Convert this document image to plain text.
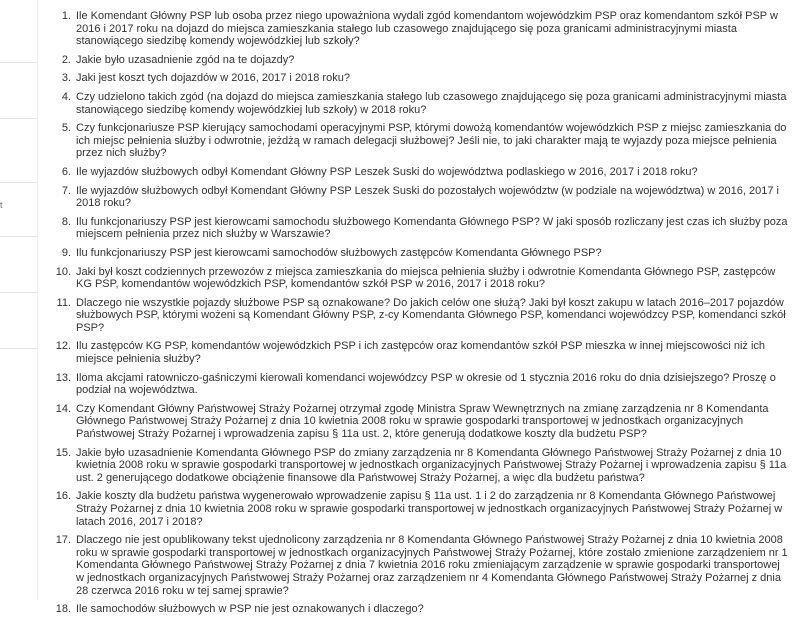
t
1. Ile Komendant Główny PSP lub osoba przez niego upoważniona wydali zgód komendantom wojewódzkim PSP oraz komendantom szkół PSP w 2016 i 2017 roku na dojazd do miejsca zamieszkania stałego lub czasowego znajdującego się poza granicami administracyjnymi miasta stanowiącego siedzibę komendy wojewódzkiej lub szkoły?
2. Jakie było uzasadnienie zgód na te dojazdy?
3. Jaki jest koszt tych dojazdów w 2016, 2017 i 2018 roku?
4. Czy udzielono takich zgód (na dojazd do miejsca zamieszkania stałego lub czasowego znajdującego się poza granicami administracyjnymi miasta stanowiącego siedzibę komendy wojewódzkiej lub szkoły) w 2018 roku?
5. Czy funkcjonariusze PSP kierujący samochodami operacyjnymi PSP, którymi dowożą komendantów wojewódzkich PSP z miejsc zamieszkania do ich miejsc pełnienia służby i odwrotnie, jeżdżą w ramach delegacji służbowej? Jeśli nie, to jaki charakter mają te wyjazdy poza miejsce pełnienia przez nich służby?
6. Ile wyjazdów służbowych odbył Komendant Główny PSP Leszek Suski do województwa podlaskiego w 2016, 2017 i 2018 roku?
7. Ile wyjazdów służbowych odbył Komendant Główny PSP Leszek Suski do pozostałych województw (w podziale na województwa) w 2016, 2017 i 2018 roku?
8. Ilu funkcjonariuszy PSP jest kierowcami samochodu służbowego Komendanta Głównego PSP? W jaki sposób rozliczany jest czas ich służby poza miejscem pełnienia przez nich służby w Warszawie?
9. Ilu funkcjonariuszy PSP jest kierowcami samochodów służbowych zastępców Komendanta Głównego PSP?
10. Jaki był koszt codziennych przewozów z miejsca zamieszkania do miejsca pełnienia służby i odwrotnie Komendanta Głównego PSP, zastępców KG PSP, komendantów wojewódzkich PSP, komendantów szkół PSP w 2016, 2017 i 2018 roku?
11. Dlaczego nie wszystkie pojazdy służbowe PSP są oznakowane? Do jakich celów one służą? Jaki był koszt zakupu w latach 2016–2017 pojazdów służbowych PSP, którymi wożeni są Komendant Główny PSP, z-cy Komendanta Głównego PSP, komendanci wojewódzcy PSP, komendanci szkół PSP?
12. Ilu zastępców KG PSP, komendantów wojewódzkich PSP i ich zastępców oraz komendantów szkół PSP mieszka w innej miejscowości niż ich miejsce pełnienia służby?
13. Iloma akcjami ratowniczo-gaśniczymi kierowali komendanci wojewódzcy PSP w okresie od 1 stycznia 2016 roku do dnia dzisiejszego? Proszę o podział na województwa.
14. Czy Komendant Główny Państwowej Straży Pożarnej otrzymał zgodę Ministra Spraw Wewnętrznych na zmianę zarządzenia nr 8 Komendanta Głównego Państwowej Straży Pożarnej z dnia 10 kwietnia 2008 roku w sprawie gospodarki transportowej w jednostkach organizacyjnych Państwowej Straży Pożarnej i wprowadzenia zapisu § 11a ust. 2, które generują dodatkowe koszty dla budżetu PSP?
15. Jakie było uzasadnienie Komendanta Głównego PSP do zmiany zarządzenia nr 8 Komendanta Głównego Państwowej Straży Pożarnej z dnia 10 kwietnia 2008 roku w sprawie gospodarki transportowej w jednostkach organizacyjnych Państwowej Straży Pożarnej i wprowadzenia zapisu § 11a ust. 2 generującego dodatkowe obciążenie finansowe dla Państwowej Straży Pożarnej, a więc dla budżetu państwa?
16. Jakie koszty dla budżetu państwa wygenerowało wprowadzenie zapisu § 11a ust. 1 i 2 do zarządzenia nr 8 Komendanta Głównego Państwowej Straży Pożarnej z dnia 10 kwietnia 2008 roku w sprawie gospodarki transportowej w jednostkach organizacyjnych Państwowej Straży Pożarnej w latach 2016, 2017 i 2018?
17. Dlaczego nie jest opublikowany tekst ujednolicony zarządzenia nr 8 Komendanta Głównego Państwowej Straży Pożarnej z dnia 10 kwietnia 2008 roku w sprawie gospodarki transportowej w jednostkach organizacyjnych Państwowej Straży Pożarnej, które zostało zmienione zarządzeniem nr 1 Komendanta Głównego Państwowej Straży Pożarnej z dnia 7 kwietnia 2016 roku zmieniającym zarządzenie w sprawie gospodarki transportowej w jednostkach organizacyjnych Państwowej Straży Pożarnej oraz zarządzeniem nr 4 Komendanta Głównego Państwowej Straży Pożarnej z dnia 28 czerwca 2016 roku w tej samej sprawie?
18. Ile samochodów służbowych w PSP nie jest oznakowanych i dlaczego?
